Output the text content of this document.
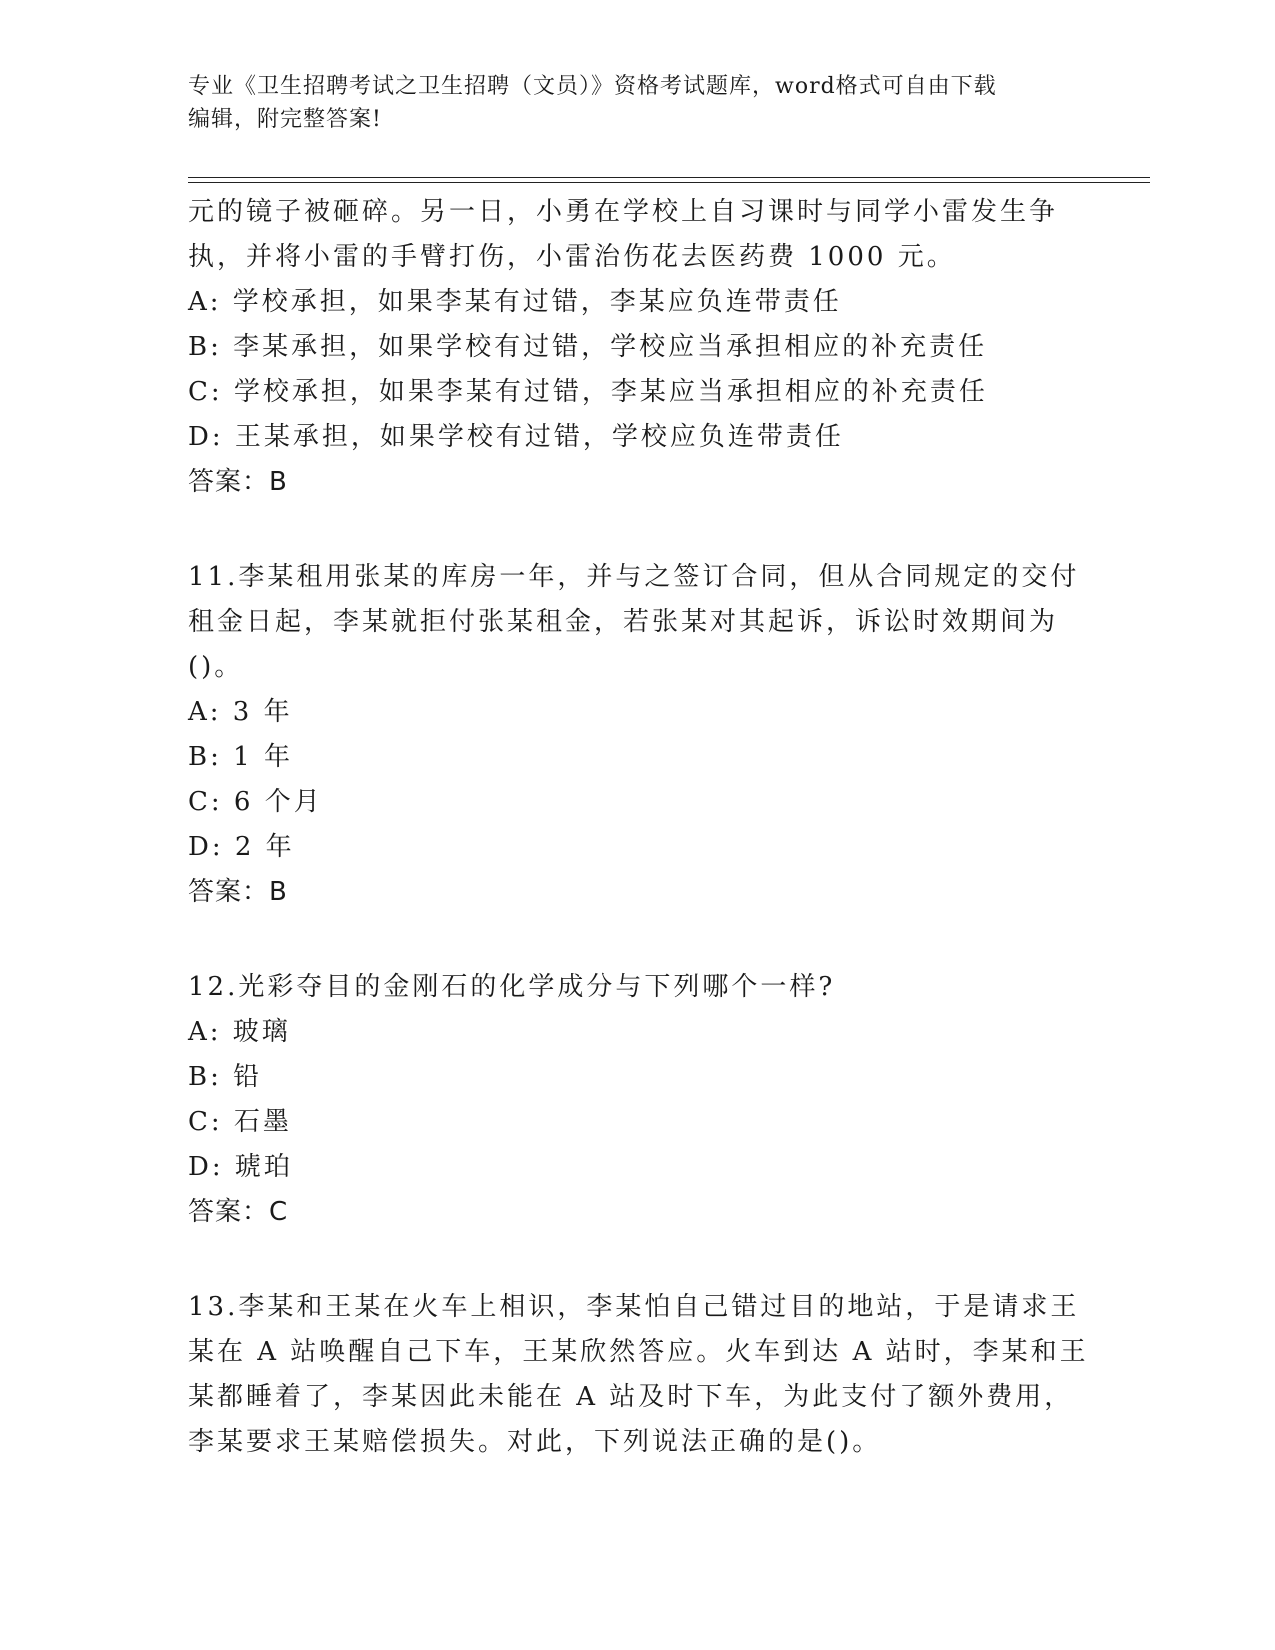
专业《卫生招聘考试之卫生招聘（文员）》资格考试题库，word格式可自由下载
编辑，附完整答案!
元的镜子被砸碎。另一日，小勇在学校上自习课时与同学小雷发生争
执，并将小雷的手臂打伤，小雷治伤花去医药费 1000 元。
A: 学校承担，如果李某有过错，李某应负连带责任
B: 李某承担，如果学校有过错，学校应当承担相应的补充责任
C: 学校承担，如果李某有过错，李某应当承担相应的补充责任
D: 王某承担，如果学校有过错，学校应负连带责任
答案：B
11.李某租用张某的库房一年，并与之签订合同，但从合同规定的交付
租金日起，李某就拒付张某租金，若张某对其起诉，诉讼时效期间为
()。
A: 3 年
B: 1 年
C: 6 个月
D: 2 年
答案：B
12.光彩夺目的金刚石的化学成分与下列哪个一样?
A: 玻璃
B: 铅
C: 石墨
D: 琥珀
答案：C
13.李某和王某在火车上相识，李某怕自己错过目的地站，于是请求王
某在 A 站唤醒自己下车，王某欣然答应。火车到达 A 站时，李某和王
某都睡着了，李某因此未能在 A 站及时下车，为此支付了额外费用，
李某要求王某赔偿损失。对此，下列说法正确的是()。
